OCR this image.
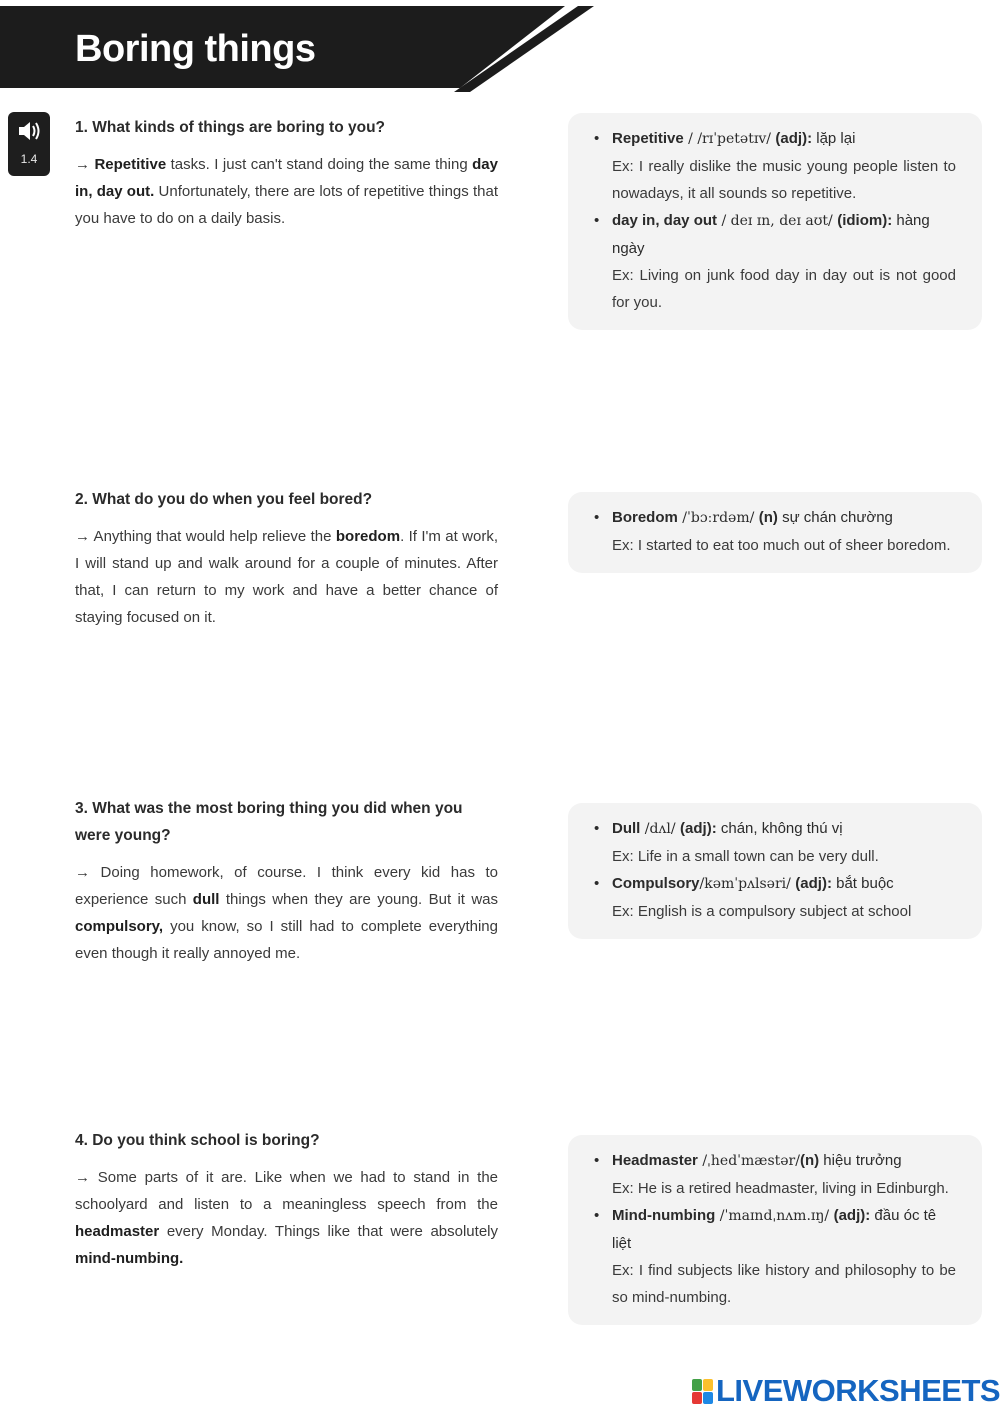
Boring things
1.4

1. What kinds of things are boring to you?

→ Repetitive tasks. I just can't stand doing the same thing day in, day out. Unfortunately, there are lots of repetitive things that you have to do on a daily basis.

• Repetitive / /rɪˈpetətɪv/ (adj): lặp lại

Ex: I really dislike the music young people listen to nowadays, it all sounds so repetitive.

• day in, day out / deɪ ɪn, deɪ aʊt/ (idiom): hàng ngày

Ex: Living on junk food day in day out is not good for you.

2. What do you do when you feel bored?

→ Anything that would help relieve the boredom. If I'm at work, I will stand up and walk around for a couple of minutes. After that, I can return to my work and have a better chance of staying focused on it.

• Boredom /ˈbɔːrdəm/ (n) sự chán chường

Ex: I started to eat too much out of sheer boredom.

3. What was the most boring thing you did when you were young?

→ Doing homework, of course. I think every kid has to experience such dull things when they are young. But it was compulsory, you know, so I still had to complete everything even though it really annoyed me.

• Dull /dʌl/ (adj): chán, không thú vị

Ex: Life in a small town can be very dull.

• Compulsory/kəmˈpʌlsəri/ (adj): bắt buộc

Ex: English is a compulsory subject at school

4. Do you think school is boring?

→ Some parts of it are. Like when we had to stand in the schoolyard and listen to a meaningless speech from the headmaster every Monday. Things like that were absolutely mind-numbing.

• Headmaster /ˌhedˈmæstər/(n) hiệu trưởng

Ex: He is a retired headmaster, living in Edinburgh.

• Mind-numbing /ˈmaɪndˌnʌm.ɪŋ/ (adj): đầu óc tê liệt

Ex: I find subjects like history and philosophy to be so mind-numbing.

LIVEWORKSHEETS
